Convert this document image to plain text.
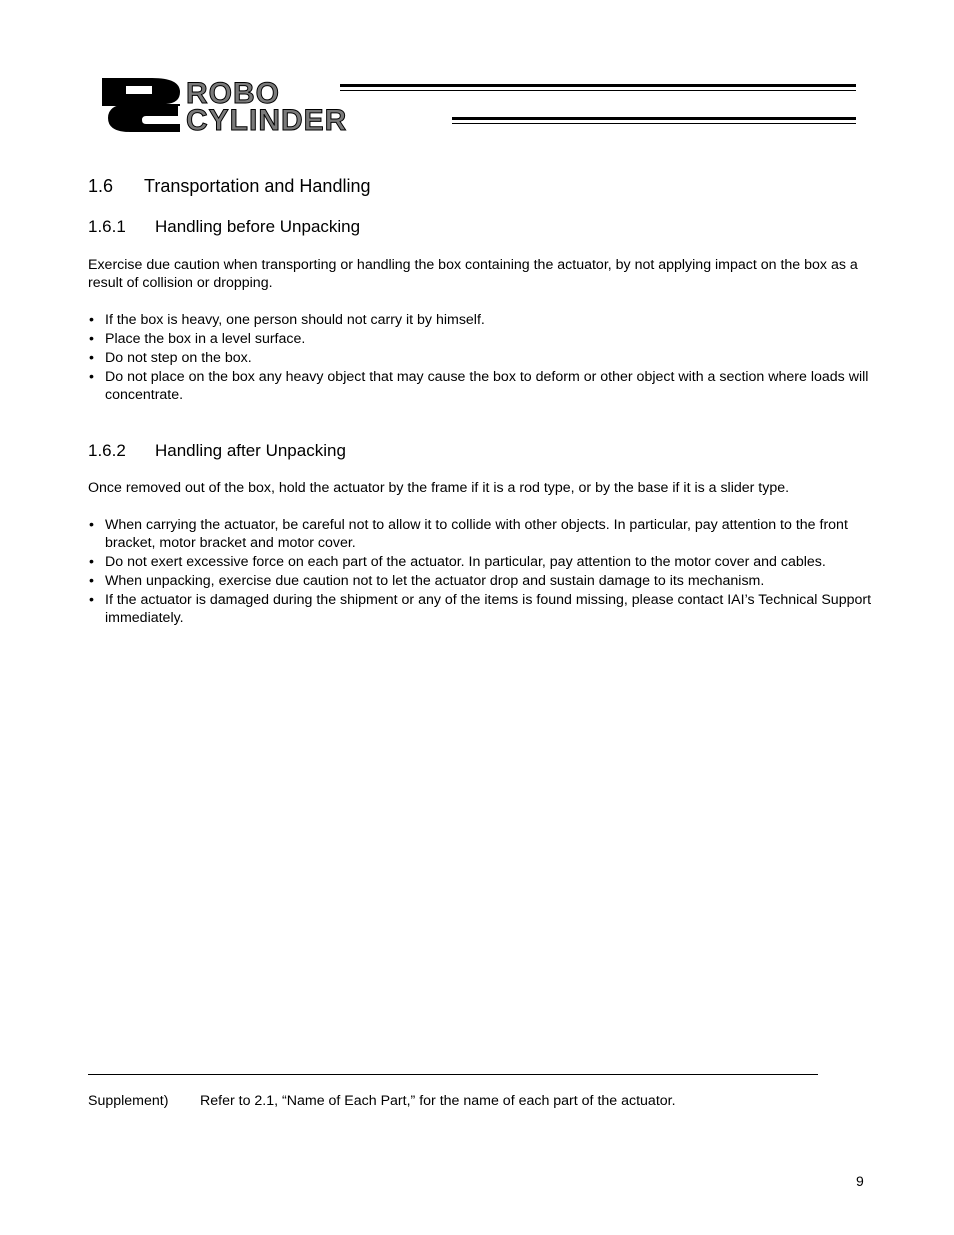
ROBO
CYLINDER
1.6 Transportation and Handling
1.6.1 Handling before Unpacking
Exercise due caution when transporting or handling the box containing the actuator, by not applying impact on the box as a result of collision or dropping.
• If the box is heavy, one person should not carry it by himself.
• Place the box in a level surface.
• Do not step on the box.
• Do not place on the box any heavy object that may cause the box to deform or other object with a section where loads will concentrate.
1.6.2 Handling after Unpacking
Once removed out of the box, hold the actuator by the frame if it is a rod type, or by the base if it is a slider type.
• When carrying the actuator, be careful not to allow it to collide with other objects. In particular, pay attention to the front bracket, motor bracket and motor cover.
• Do not exert excessive force on each part of the actuator. In particular, pay attention to the motor cover and cables.
• When unpacking, exercise due caution not to let the actuator drop and sustain damage to its mechanism.
• If the actuator is damaged during the shipment or any of the items is found missing, please contact IAI’s Technical Support immediately.
Supplement) Refer to 2.1, “Name of Each Part,” for the name of each part of the actuator.
9
